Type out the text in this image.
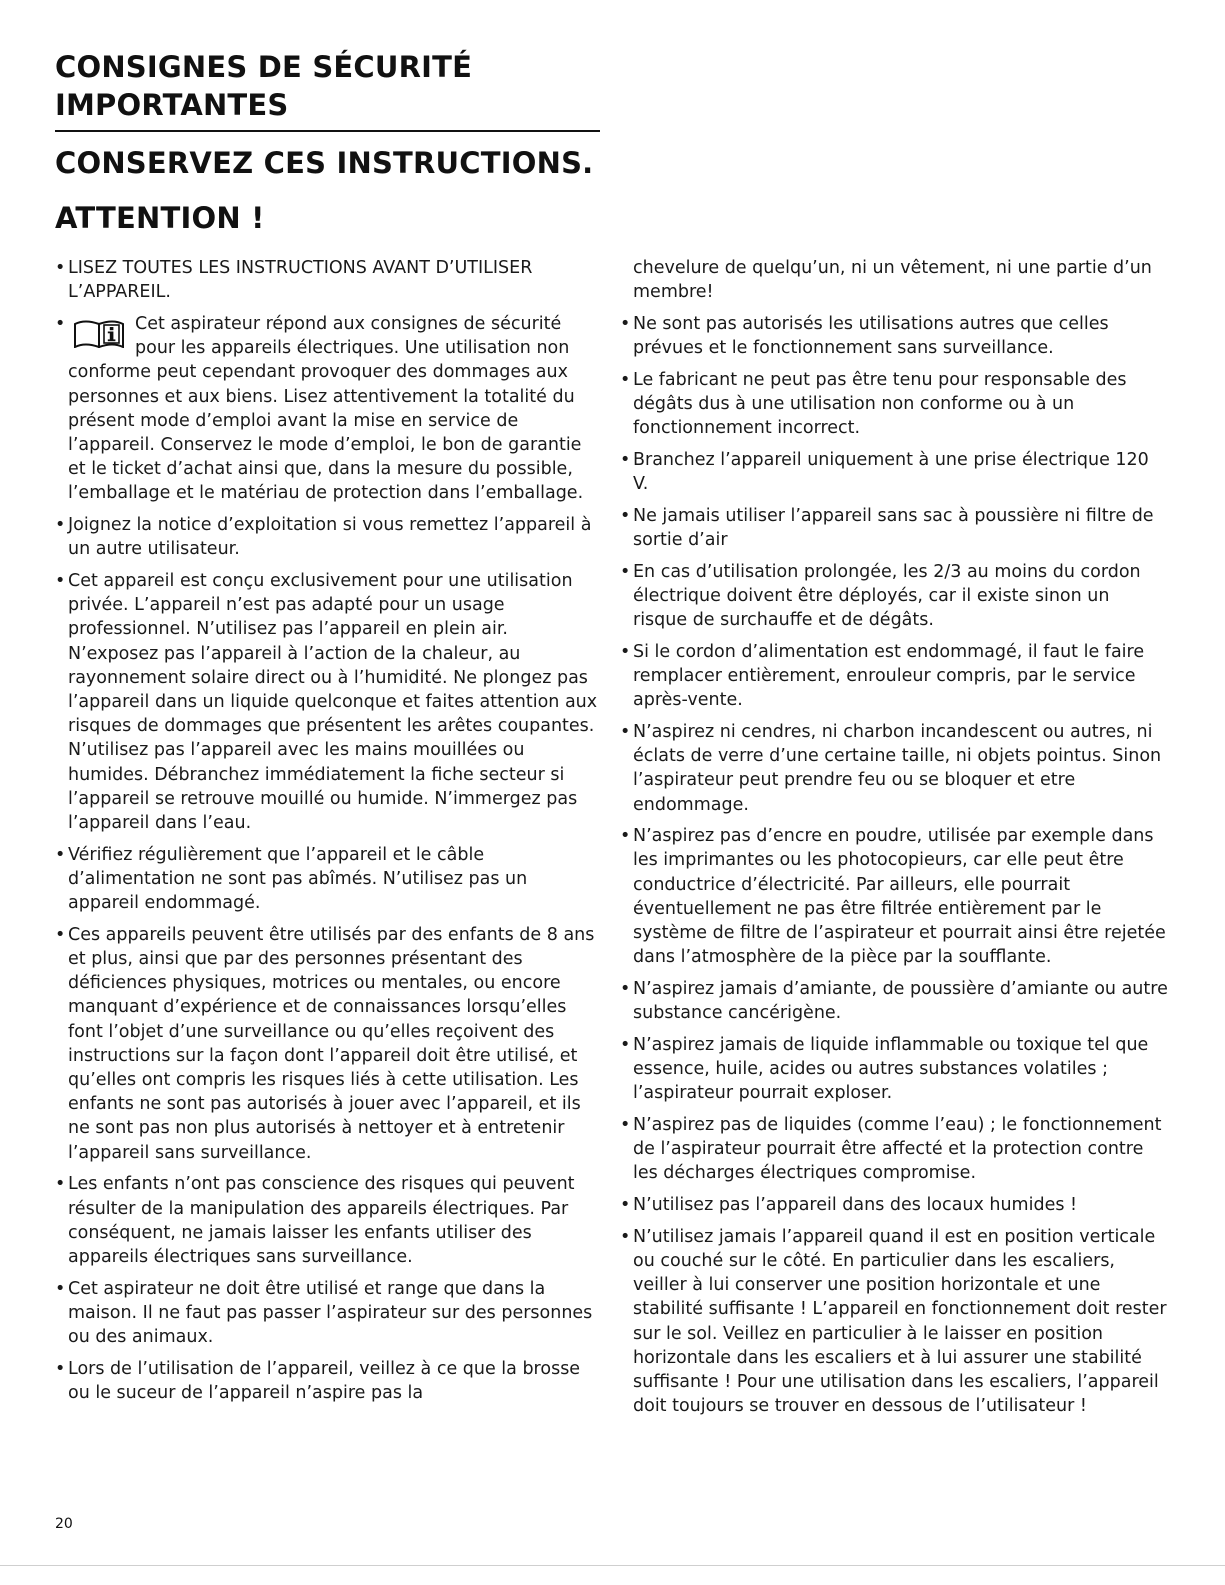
CONSIGNES DE SÉCURITÉ IMPORTANTES
CONSERVEZ CES INSTRUCTIONS.
ATTENTION !

• LISEZ TOUTES LES INSTRUCTIONS AVANT D’UTILISER L’APPAREIL.

• Cet aspirateur répond aux consignes de sécurité pour les appareils électriques. Une utilisation non conforme peut cependant provoquer des dommages aux personnes et aux biens. Lisez attentivement la totalité du présent mode d’emploi avant la mise en service de l’appareil. Conservez le mode d’emploi, le bon de garantie et le ticket d’achat ainsi que, dans la mesure du possible, l’emballage et le matériau de protection dans l’emballage.

• Joignez la notice d’exploitation si vous remettez l’appareil à un autre utilisateur.

• Cet appareil est conçu exclusivement pour une utilisation privée. L’appareil n’est pas adapté pour un usage professionnel. N’utilisez pas l’appareil en plein air. N’exposez pas l’appareil à l’action de la chaleur, au rayonnement solaire direct ou à l’humidité. Ne plongez pas l’appareil dans un liquide quelconque et faites attention aux risques de dommages que présentent les arêtes coupantes. N’utilisez pas l’appareil avec les mains mouillées ou humides. Débranchez immédiatement la fiche secteur si l’appareil se retrouve mouillé ou humide. N’immergez pas l’appareil dans l’eau.

• Vérifiez régulièrement que l’appareil et le câble d’alimentation ne sont pas abîmés. N’utilisez pas un appareil endommagé.

• Ces appareils peuvent être utilisés par des enfants de 8 ans et plus, ainsi que par des personnes présentant des déficiences physiques, motrices ou mentales, ou encore manquant d’expérience et de connaissances lorsqu’elles font l’objet d’une surveillance ou qu’elles reçoivent des instructions sur la façon dont l’appareil doit être utilisé, et qu’elles ont compris les risques liés à cette utilisation. Les enfants ne sont pas autorisés à jouer avec l’appareil, et ils ne sont pas non plus autorisés à nettoyer et à entretenir l’appareil sans surveillance.

• Les enfants n’ont pas conscience des risques qui peuvent résulter de la manipulation des appareils électriques. Par conséquent, ne jamais laisser les enfants utiliser des appareils électriques sans surveillance.

• Cet aspirateur ne doit être utilisé et range que dans la maison. Il ne faut pas passer l’aspirateur sur des personnes ou des animaux.

• Lors de l’utilisation de l’appareil, veillez à ce que la brosse ou le suceur de l’appareil n’aspire pas la

chevelure de quelqu’un, ni un vêtement, ni une partie d’un membre!

• Ne sont pas autorisés les utilisations autres que celles prévues et le fonctionnement sans surveillance.

• Le fabricant ne peut pas être tenu pour responsable des dégâts dus à une utilisation non conforme ou à un fonctionnement incorrect.

• Branchez l’appareil uniquement à une prise électrique 120 V.

• Ne jamais utiliser l’appareil sans sac à poussière ni filtre de sortie d’air

• En cas d’utilisation prolongée, les 2/3 au moins du cordon électrique doivent être déployés, car il existe sinon un risque de surchauffe et de dégâts.

• Si le cordon d’alimentation est endommagé, il faut le faire remplacer entièrement, enrouleur compris, par le service après-vente.

• N’aspirez ni cendres, ni charbon incandescent ou autres, ni éclats de verre d’une certaine taille, ni objets pointus. Sinon l’aspirateur peut prendre feu ou se bloquer et etre endommage.

• N’aspirez pas d’encre en poudre, utilisée par exemple dans les imprimantes ou les photocopieurs, car elle peut être conductrice d’électricité. Par ailleurs, elle pourrait éventuellement ne pas être filtrée entièrement par le système de filtre de l’aspirateur et pourrait ainsi être rejetée dans l’atmosphère de la pièce par la soufflante.

• N’aspirez jamais d’amiante, de poussière d’amiante ou autre substance cancérigène.

• N’aspirez jamais de liquide inflammable ou toxique tel que essence, huile, acides ou autres substances volatiles ; l’aspirateur pourrait exploser.

• N’aspirez pas de liquides (comme l’eau) ; le fonctionnement de l’aspirateur pourrait être affecté et la protection contre les décharges électriques compromise.

• N’utilisez pas l’appareil dans des locaux humides !

• N’utilisez jamais l’appareil quand il est en position verticale ou couché sur le côté. En particulier dans les escaliers, veiller à lui conserver une position horizontale et une stabilité suffisante ! L’appareil en fonctionnement doit rester sur le sol. Veillez en particulier à le laisser en position horizontale dans les escaliers et à lui assurer une stabilité suffisante ! Pour une utilisation dans les escaliers, l’appareil doit toujours se trouver en dessous de l’utilisateur !

20
